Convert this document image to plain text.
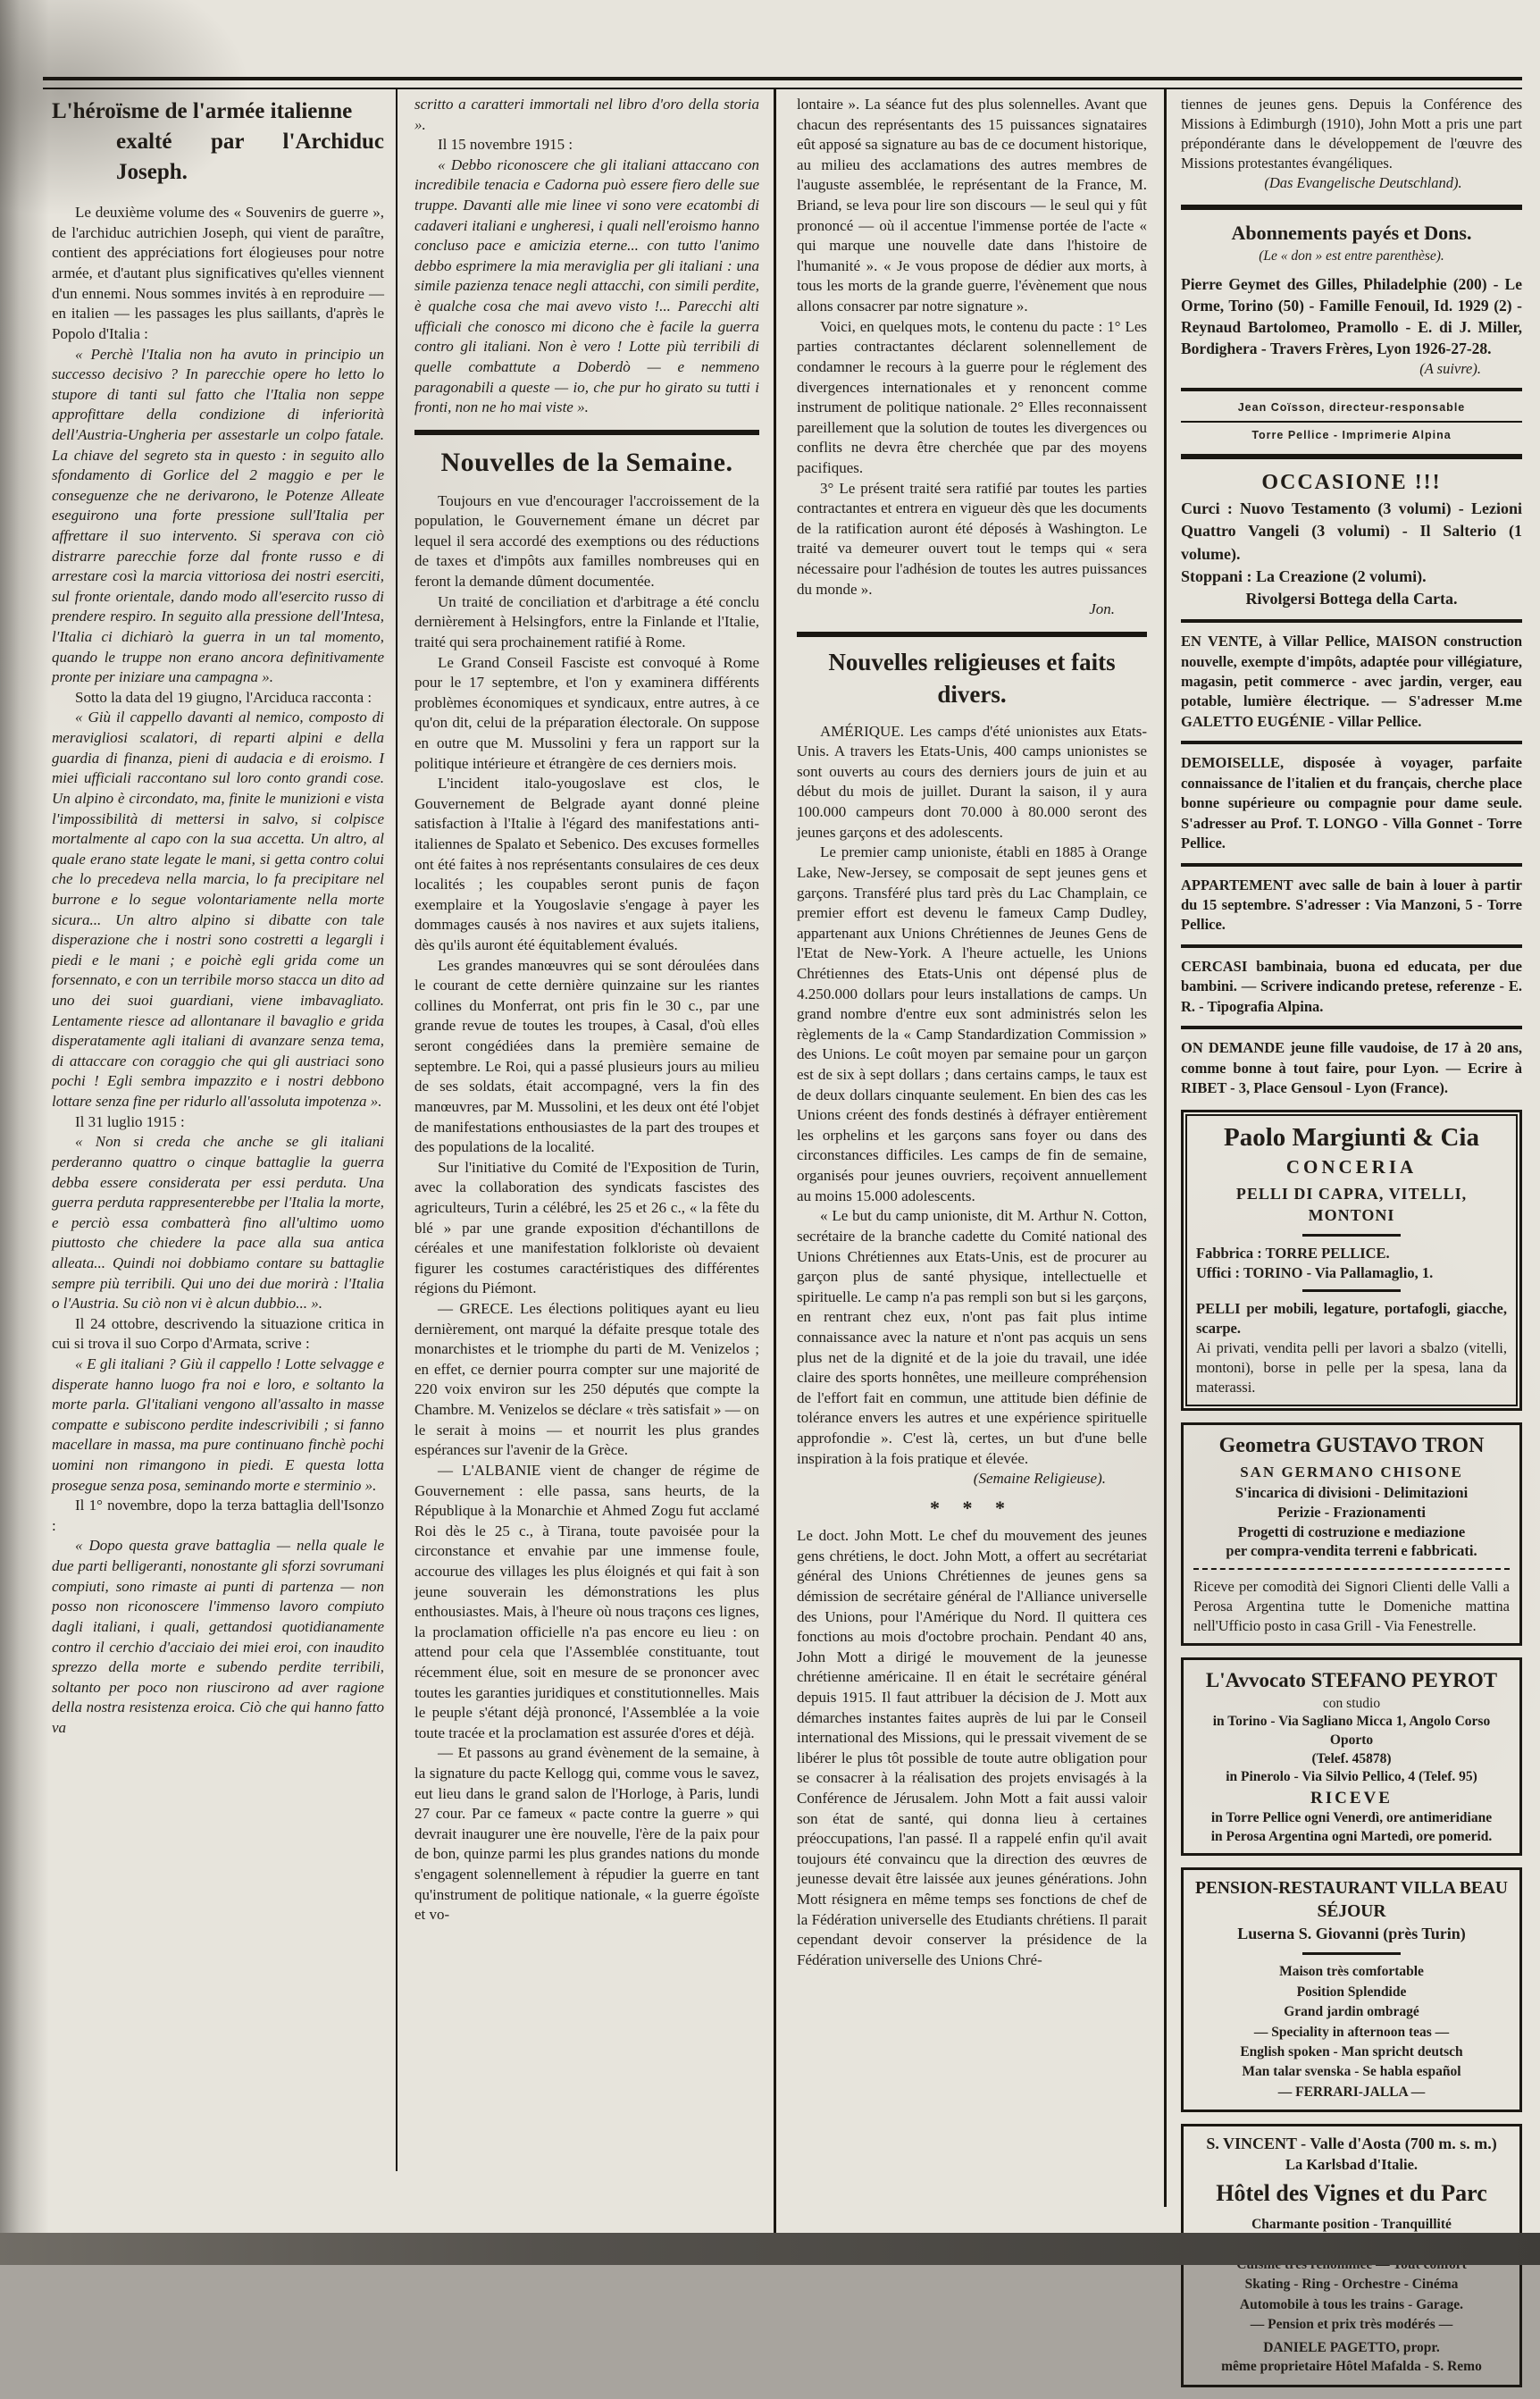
L'héroïsme de l'armée italienne
exalté par l'Archiduc Joseph.

Le deuxième volume des « Souvenirs de guerre », de l'archiduc autrichien Joseph, qui vient de paraître, contient des appréciations fort élogieuses pour notre armée, et d'autant plus significatives qu'elles viennent d'un ennemi. Nous sommes invités à en reproduire — en italien — les passages les plus saillants, d'après le Popolo d'Italia :

« Perchè l'Italia non ha avuto in principio un successo decisivo ? In parecchie opere ho letto lo stupore di tanti sul fatto che l'Italia non seppe approfittare della condizione di inferiorità dell'Austria-Ungheria per assestarle un colpo fatale. La chiave del segreto sta in questo : in seguito allo sfondamento di Gorlice del 2 maggio e per le conseguenze che ne derivarono, le Potenze Alleate eseguirono una forte pressione sull'Italia per affrettare il suo intervento. Si sperava con ciò distrarre parecchie forze dal fronte russo e di arrestare così la marcia vittoriosa dei nostri eserciti, sul fronte orientale, dando modo all'esercito russo di prendere respiro. In seguito alla pressione dell'Intesa, l'Italia ci dichiarò la guerra in un tal momento, quando le truppe non erano ancora definitivamente pronte per iniziare una campagna ».

Sotto la data del 19 giugno, l'Arciduca racconta :

« Giù il cappello davanti al nemico, composto di meravigliosi scalatori, di reparti alpini e della guardia di finanza, pieni di audacia e di eroismo. I miei ufficiali raccontano sul loro conto grandi cose. Un alpino è circondato, ma, finite le munizioni e vista l'impossibilità di mettersi in salvo, si colpisce mortalmente al capo con la sua accetta. Un altro, al quale erano state legate le mani, si getta contro colui che lo precedeva nella marcia, lo fa precipitare nel burrone e lo segue volontariamente nella morte sicura... Un altro alpino si dibatte con tale disperazione che i nostri sono costretti a legargli i piedi e le mani ; e poichè egli grida come un forsennato, e con un terribile morso stacca un dito ad uno dei suoi guardiani, viene imbavagliato. Lentamente riesce ad allontanare il bavaglio e grida disperatamente agli italiani di avanzare senza tema, di attaccare con coraggio che qui gli austriaci sono pochi ! Egli sembra impazzito e i nostri debbono lottare senza fine per ridurlo all'assoluta impotenza ».

Il 31 luglio 1915 :

« Non si creda che anche se gli italiani perderanno quattro o cinque battaglie la guerra debba essere considerata per essi perduta. Una guerra perduta rappresenterebbe per l'Italia la morte, e perciò essa combatterà fino all'ultimo uomo piuttosto che chiedere la pace alla sua antica alleata... Quindi noi dobbiamo contare su battaglie sempre più terribili. Qui uno dei due morirà : l'Italia o l'Austria. Su ciò non vi è alcun dubbio... ».

Il 24 ottobre, descrivendo la situazione critica in cui si trova il suo Corpo d'Armata, scrive :

« E gli italiani ? Giù il cappello ! Lotte selvagge e disperate hanno luogo fra noi e loro, e soltanto la morte parla. Gl'italiani vengono all'assalto in masse compatte e subiscono perdite indescrivibili ; si fanno macellare in massa, ma pure continuano finchè pochi uomini non rimangono in piedi. E questa lotta prosegue senza posa, seminando morte e sterminio ».

Il 1° novembre, dopo la terza battaglia dell'Isonzo :

« Dopo questa grave battaglia — nella quale le due parti belligeranti, nonostante gli sforzi sovrumani compiuti, sono rimaste ai punti di partenza — non posso non riconoscere l'immenso lavoro compiuto dagli italiani, i quali, gettandosi quotidianamente contro il cerchio d'acciaio dei miei eroi, con inaudito sprezzo della morte e subendo perdite terribili, soltanto per poco non riuscirono ad aver ragione della nostra resistenza eroica. Ciò che qui hanno fatto va

scritto a caratteri immortali nel libro d'oro della storia ».

Il 15 novembre 1915 :

« Debbo riconoscere che gli italiani attaccano con incredibile tenacia e Cadorna può essere fiero delle sue truppe. Davanti alle mie linee vi sono vere ecatombi di cadaveri italiani e ungheresi, i quali nell'eroismo hanno concluso pace e amicizia eterne... con tutto l'animo debbo esprimere la mia meraviglia per gli italiani : una simile pazienza tenace negli attacchi, con simili perdite, è qualche cosa che mai avevo visto !... Parecchi alti ufficiali che conosco mi dicono che è facile la guerra contro gli italiani. Non è vero ! Lotte più terribili di quelle combattute a Doberdò — e nemmeno paragonabili a queste — io, che pur ho girato su tutti i fronti, non ne ho mai viste ».

Nouvelles de la Semaine.

Toujours en vue d'encourager l'accroissement de la population, le Gouvernement émane un décret par lequel il sera accordé des exemptions ou des réductions de taxes et d'impôts aux familles nombreuses qui en feront la demande dûment documentée.

Un traité de conciliation et d'arbitrage a été conclu dernièrement à Helsingfors, entre la Finlande et l'Italie, traité qui sera prochainement ratifié à Rome.

Le Grand Conseil Fasciste est convoqué à Rome pour le 17 septembre, et l'on y examinera différents problèmes économiques et syndicaux, entre autres, à ce qu'on dit, celui de la préparation électorale. On suppose en outre que M. Mussolini y fera un rapport sur la politique intérieure et étrangère de ces derniers mois.

L'incident italo-yougoslave est clos, le Gouvernement de Belgrade ayant donné pleine satisfaction à l'Italie à l'égard des manifestations anti-italiennes de Spalato et Sebenico. Des excuses formelles ont été faites à nos représentants consulaires de ces deux localités ; les coupables seront punis de façon exemplaire et la Yougoslavie s'engage à payer les dommages causés à nos navires et aux sujets italiens, dès qu'ils auront été équitablement évalués.

Les grandes manœuvres qui se sont déroulées dans le courant de cette dernière quinzaine sur les riantes collines du Monferrat, ont pris fin le 30 c., par une grande revue de toutes les troupes, à Casal, d'où elles seront congédiées dans la première semaine de septembre. Le Roi, qui a passé plusieurs jours au milieu de ses soldats, était accompagné, vers la fin des manœuvres, par M. Mussolini, et les deux ont été l'objet de manifestations enthousiastes de la part des troupes et des populations de la localité.

Sur l'initiative du Comité de l'Exposition de Turin, avec la collaboration des syndicats fascistes des agriculteurs, Turin a célébré, les 25 et 26 c., « la fête du blé » par une grande exposition d'échantillons de céréales et une manifestation folkloriste où devaient figurer les costumes caractéristiques des différentes régions du Piémont.

— GRECE. Les élections politiques ayant eu lieu dernièrement, ont marqué la défaite presque totale des monarchistes et le triomphe du parti de M. Venizelos ; en effet, ce dernier pourra compter sur une majorité de 220 voix environ sur les 250 députés que compte la Chambre. M. Venizelos se déclare « très satisfait » — on le serait à moins — et nourrit les plus grandes espérances sur l'avenir de la Grèce.

— L'ALBANIE vient de changer de régime de Gouvernement : elle passa, sans heurts, de la République à la Monarchie et Ahmed Zogu fut acclamé Roi dès le 25 c., à Tirana, toute pavoisée pour la circonstance et envahie par une immense foule, accourue des villages les plus éloignés et qui fait à son jeune souverain les démonstrations les plus enthousiastes. Mais, à l'heure où nous traçons ces lignes, la proclamation officielle n'a pas encore eu lieu : on attend pour cela que l'Assemblée constituante, tout récemment élue, soit en mesure de se prononcer avec toutes les garanties juridiques et constitutionnelles. Mais le peuple s'étant déjà prononcé, l'Assemblée a la voie toute tracée et la proclamation est assurée d'ores et déjà.

— Et passons au grand évènement de la semaine, à la signature du pacte Kellogg qui, comme vous le savez, eut lieu dans le grand salon de l'Horloge, à Paris, lundi 27 cour. Par ce fameux « pacte contre la guerre » qui devrait inaugurer une ère nouvelle, l'ère de la paix pour de bon, quinze parmi les plus grandes nations du monde s'engagent solennellement à répudier la guerre en tant qu'instrument de politique nationale, « la guerre égoïste et vo-

lontaire ». La séance fut des plus solennelles. Avant que chacun des représentants des 15 puissances signataires eût apposé sa signature au bas de ce document historique, au milieu des acclamations des autres membres de l'auguste assemblée, le représentant de la France, M. Briand, se leva pour lire son discours — le seul qui y fût prononcé — où il accentue l'immense portée de l'acte « qui marque une nouvelle date dans l'histoire de l'humanité ». « Je vous propose de dédier aux morts, à tous les morts de la grande guerre, l'évènement que nous allons consacrer par notre signature ».

Voici, en quelques mots, le contenu du pacte : 1° Les parties contractantes déclarent solennellement de condamner le recours à la guerre pour le réglement des divergences internationales et y renoncent comme instrument de politique nationale. 2° Elles reconnaissent pareillement que la solution de toutes les divergences ou conflits ne devra être cherchée que par des moyens pacifiques.

3° Le présent traité sera ratifié par toutes les parties contractantes et entrera en vigueur dès que les documents de la ratification auront été déposés à Washington. Le traité va demeurer ouvert tout le temps qui « sera nécessaire pour l'adhésion de toutes les autres puissances du monde ».

Jon.

Nouvelles religieuses et faits divers.

AMÉRIQUE. Les camps d'été unionistes aux Etats-Unis. A travers les Etats-Unis, 400 camps unionistes se sont ouverts au cours des derniers jours de juin et au début du mois de juillet. Durant la saison, il y aura 100.000 campeurs dont 70.000 à 80.000 seront des jeunes garçons et des adolescents.

Le premier camp unioniste, établi en 1885 à Orange Lake, New-Jersey, se composait de sept jeunes gens et garçons. Transféré plus tard près du Lac Champlain, ce premier effort est devenu le fameux Camp Dudley, appartenant aux Unions Chrétiennes de Jeunes Gens de l'Etat de New-York. A l'heure actuelle, les Unions Chrétiennes des Etats-Unis ont dépensé plus de 4.250.000 dollars pour leurs installations de camps. Un grand nombre d'entre eux sont administrés selon les règlements de la « Camp Standardization Commission » des Unions. Le coût moyen par semaine pour un garçon est de six à sept dollars ; dans certains camps, le taux est de deux dollars cinquante seulement. En bien des cas les Unions créent des fonds destinés à défrayer entièrement les orphelins et les garçons sans foyer ou dans des circonstances difficiles. Les camps de fin de semaine, organisés pour jeunes ouvriers, reçoivent annuellement au moins 15.000 adolescents.

« Le but du camp unioniste, dit M. Arthur N. Cotton, secrétaire de la branche cadette du Comité national des Unions Chrétiennes aux Etats-Unis, est de procurer au garçon plus de santé physique, intellectuelle et spirituelle. Le camp n'a pas rempli son but si les garçons, en rentrant chez eux, n'ont pas fait plus intime connaissance avec la nature et n'ont pas acquis un sens plus net de la dignité et de la joie du travail, une idée claire des sports honnêtes, une meilleure compréhension de l'effort fait en commun, une attitude bien définie de tolérance envers les autres et une expérience spirituelle approfondie ». C'est là, certes, un but d'une belle inspiration à la fois pratique et élevée.

(Semaine Religieuse).

* * *

Le doct. John Mott. Le chef du mouvement des jeunes gens chrétiens, le doct. John Mott, a offert au secrétariat général des Unions Chrétiennes de jeunes gens sa démission de secrétaire général de l'Alliance universelle des Unions, pour l'Amérique du Nord. Il quittera ces fonctions au mois d'octobre prochain. Pendant 40 ans, John Mott a dirigé le mouvement de la jeunesse chrétienne américaine. Il en était le secrétaire général depuis 1915. Il faut attribuer la décision de J. Mott aux démarches instantes faites auprès de lui par le Conseil international des Missions, qui le pressait vivement de se libérer le plus tôt possible de toute autre obligation pour se consacrer à la réalisation des projets envisagés à la Conférence de Jérusalem. John Mott a fait aussi valoir son état de santé, qui donna lieu à certaines préoccupations, l'an passé. Il a rappelé enfin qu'il avait toujours été convaincu que la direction des œuvres de jeunesse devait être laissée aux jeunes générations. John Mott résignera en même temps ses fonctions de chef de la Fédération universelle des Etudiants chrétiens. Il parait cependant devoir conserver la présidence de la Fédération universelle des Unions Chré-

tiennes de jeunes gens. Depuis la Conférence des Missions à Edimburgh (1910), John Mott a pris une part prépondérante dans le développement de l'œuvre des Missions protestantes évangéliques.

(Das Evangelische Deutschland).

Abonnements payés et Dons.

(Le « don » est entre parenthèse).

Pierre Geymet des Gilles, Philadelphie (200) - Le Orme, Torino (50) - Famille Fenouil, Id. 1929 (2) - Reynaud Bartolomeo, Pramollo - E. di J. Miller, Bordighera - Travers Frères, Lyon 1926-27-28.

(A suivre).

Jean Coïsson, directeur-responsable

Torre Pellice - Imprimerie Alpina

OCCASIONE !!!

Curci : Nuovo Testamento (3 volumi) - Lezioni Quattro Vangeli (3 volumi) - Il Salterio (1 volume).

Stoppani : La Creazione (2 volumi).

Rivolgersi Bottega della Carta.

EN VENTE, à Villar Pellice, MAISON construction nouvelle, exempte d'impôts, adaptée pour villégiature, magasin, petit commerce - avec jardin, verger, eau potable, lumière électrique. — S'adresser M.me GALETTO EUGÉNIE - Villar Pellice.

DEMOISELLE, disposée à voyager, parfaite connaissance de l'italien et du français, cherche place bonne supérieure ou compagnie pour dame seule. S'adresser au Prof. T. LONGO - Villa Gonnet - Torre Pellice.

APPARTEMENT avec salle de bain à louer à partir du 15 septembre. S'adresser : Via Manzoni, 5 - Torre Pellice.

CERCASI bambinaia, buona ed educata, per due bambini. — Scrivere indicando pretese, referenze - E. R. - Tipografia Alpina.

ON DEMANDE jeune fille vaudoise, de 17 à 20 ans, comme bonne à tout faire, pour Lyon. — Ecrire à RIBET - 3, Place Gensoul - Lyon (France).

Paolo Margiunti & Cia

CONCERIA

PELLI DI CAPRA, VITELLI, MONTONI

Fabbrica : TORRE PELLICE.

Uffici : TORINO - Via Pallamaglio, 1.

PELLI per mobili, legature, portafogli, giacche, scarpe.

Ai privati, vendita pelli per lavori a sbalzo (vitelli, montoni), borse in pelle per la spesa, lana da materassi.

Geometra GUSTAVO TRON

SAN GERMANO CHISONE

S'incarica di divisioni - Delimitazioni

Perizie - Frazionamenti

Progetti di costruzione e mediazione

per compra-vendita terreni e fabbricati.

Riceve per comodità dei Signori Clienti delle Valli a Perosa Argentina tutte le Domeniche mattina nell'Ufficio posto in casa Grill - Via Fenestrelle.

L'Avvocato STEFANO PEYROT

con studio

in Torino - Via Sagliano Micca 1, Angolo Corso Oporto

(Telef. 45878)

in Pinerolo - Via Silvio Pellico, 4 (Telef. 95)

RICEVE

in Torre Pellice ogni Venerdì, ore antimeridiane

in Perosa Argentina ogni Martedì, ore pomerid.

PENSION-RESTAURANT VILLA BEAU SÉJOUR

Luserna S. Giovanni (près Turin)

Maison très comfortable

Position Splendide

Grand jardin ombragé

— Speciality in afternoon teas —

English spoken - Man spricht deutsch

Man talar svenska - Se habla español

— FERRARI-JALLA —

S. VINCENT - Valle d'Aosta (700 m. s. m.)

La Karlsbad d'Italie.

Hôtel des Vignes et du Parc

Charmante position - Tranquillité

Skating - Ring - Orchestre - Cinéma

Automobile à tous les trains - Garage.

— Pension et prix très modérés —

DANIELE PAGETTO, propr.

même proprietaire Hôtel Mafalda - S. Remo
